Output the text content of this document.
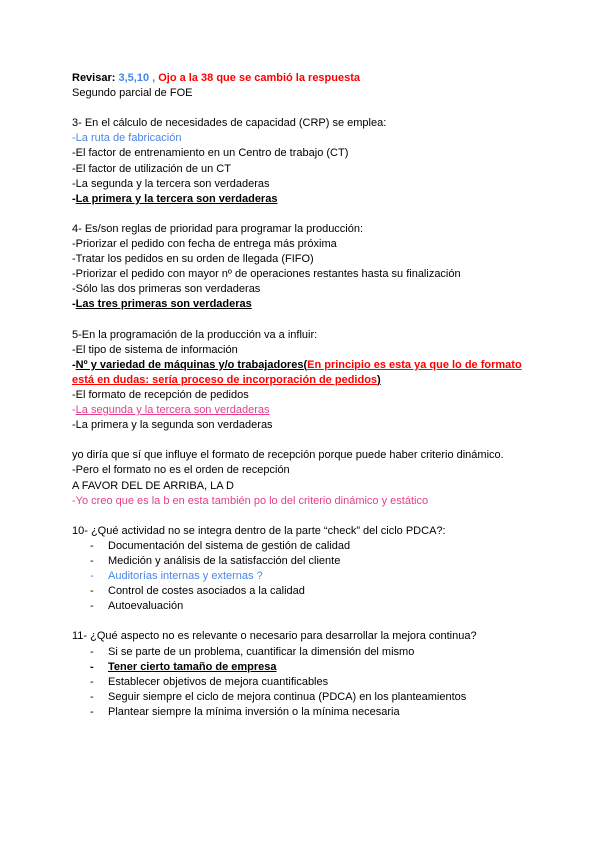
Revisar: 3,5,10 , Ojo a la 38 que se cambió la respuesta
Segundo parcial de FOE
3- En el cálculo de necesidades de capacidad (CRP) se emplea:
-La ruta de fabricación
-El factor de entrenamiento en un Centro de trabajo (CT)
-El factor de utilización de un CT
-La segunda y la tercera son verdaderas
-La primera y la tercera son verdaderas
4- Es/son reglas de prioridad para programar la producción:
-Priorizar el pedido con fecha de entrega más próxima
-Tratar los pedidos en su orden de llegada (FIFO)
-Priorizar el pedido con mayor nº de operaciones restantes hasta su finalización
-Sólo las dos primeras son verdaderas
-Las tres primeras son verdaderas
5-En la programación de la producción va a influir:
-El tipo de sistema de información
-Nº y variedad de máquinas y/o trabajadores(En principio es esta ya que lo de formato está en dudas: sería proceso de incorporación de pedidos)
-El formato de recepción de pedidos
-La segunda y la tercera son verdaderas
-La primera y la segunda son verdaderas
yo diría que sí que influye el formato de recepción porque puede haber criterio dinámico.
-Pero el formato no es el orden de recepción
A FAVOR DEL DE ARRIBA, LA D
-Yo creo que es la b en esta también po lo del criterio dinámico y estático
10- ¿Qué actividad no se integra dentro de la parte “check” del ciclo PDCA?:
- Documentación del sistema de gestión de calidad
- Medición y análisis de la satisfacción del cliente
- Auditorías internas y externas ?
- Control de costes asociados a la calidad
- Autoevaluación
11- ¿Qué aspecto no es relevante o necesario para desarrollar la mejora continua?
- Si se parte de un problema, cuantificar la dimensión del mismo
- Tener cierto tamaño de empresa
- Establecer objetivos de mejora cuantificables
- Seguir siempre el ciclo de mejora continua (PDCA) en los planteamientos
- Plantear siempre la mínima inversión o la mínima necesaria
